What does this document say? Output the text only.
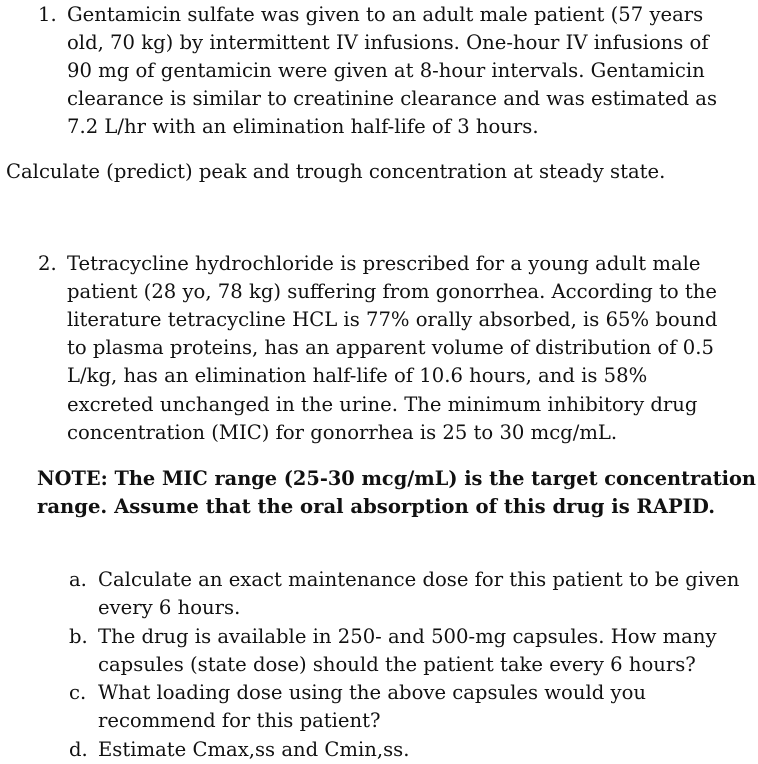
1. Gentamicin sulfate was given to an adult male patient (57 years
old, 70 kg) by intermittent IV infusions. One-hour IV infusions of
90 mg of gentamicin were given at 8-hour intervals. Gentamicin
clearance is similar to creatinine clearance and was estimated as
7.2 L/hr with an elimination half-life of 3 hours.
Calculate (predict) peak and trough concentration at steady state.
2. Tetracycline hydrochloride is prescribed for a young adult male
patient (28 yo, 78 kg) suffering from gonorrhea. According to the
literature tetracycline HCL is 77% orally absorbed, is 65% bound
to plasma proteins, has an apparent volume of distribution of 0.5
L/kg, has an elimination half-life of 10.6 hours, and is 58%
excreted unchanged in the urine. The minimum inhibitory drug
concentration (MIC) for gonorrhea is 25 to 30 mcg/mL.
NOTE: The MIC range (25-30 mcg/mL) is the target concentration
range. Assume that the oral absorption of this drug is RAPID.
a. Calculate an exact maintenance dose for this patient to be given
every 6 hours.
b. The drug is available in 250- and 500-mg capsules. How many
capsules (state dose) should the patient take every 6 hours?
c. What loading dose using the above capsules would you
recommend for this patient?
d. Estimate Cmax,ss and Cmin,ss.
